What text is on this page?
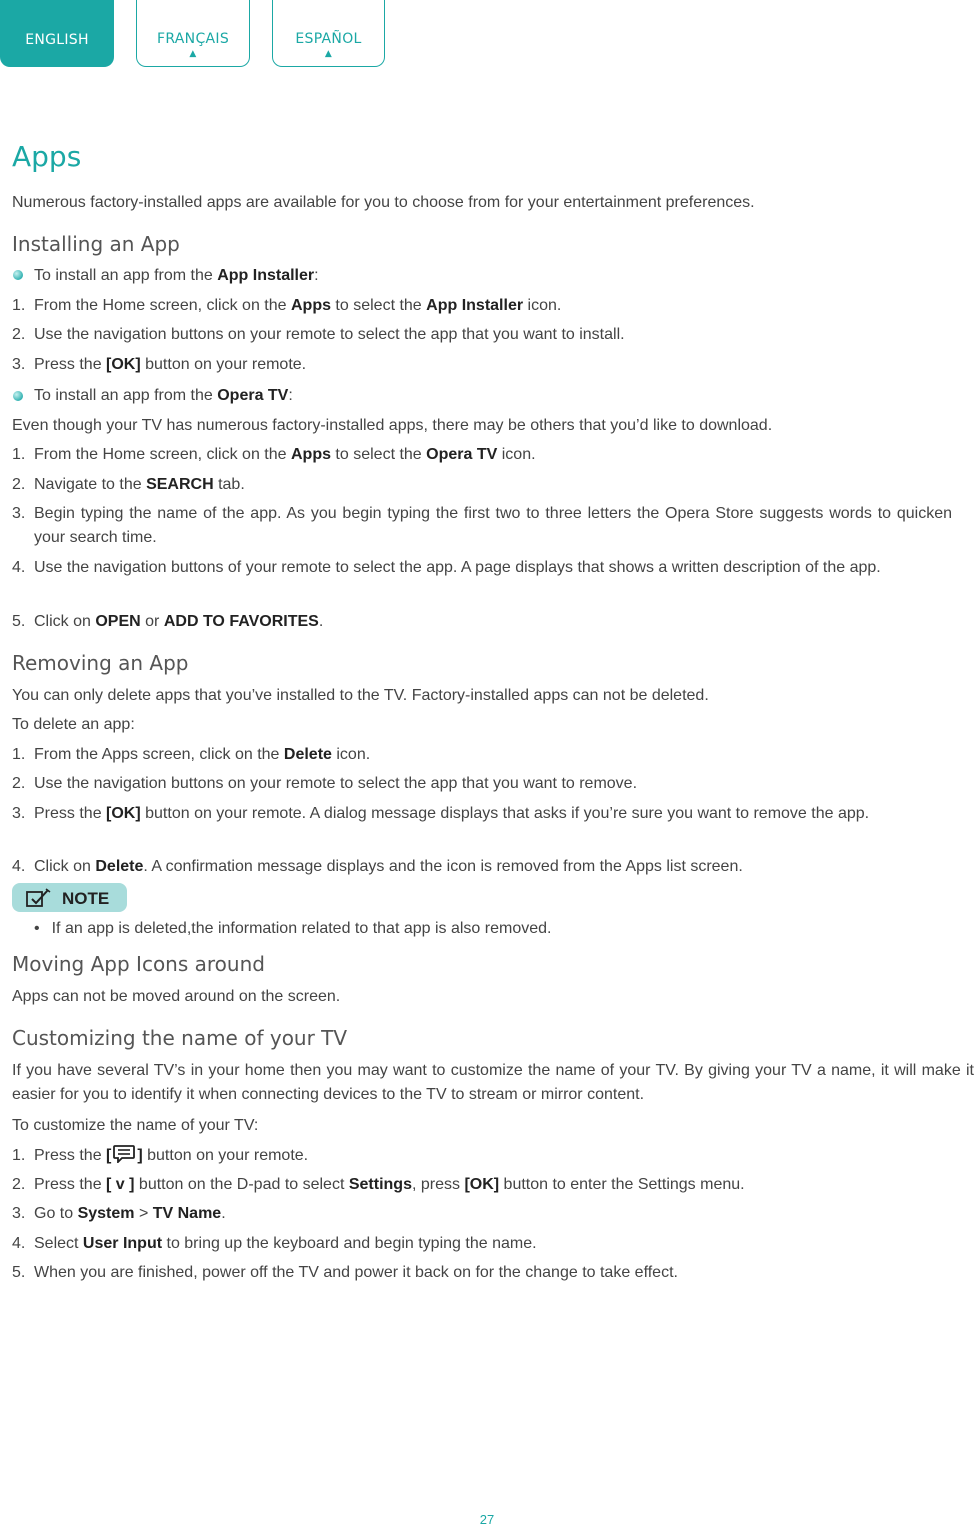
ENGLISH	FRANÇAIS
▲
ESPAÑOL
▲
Apps
Numerous factory-installed apps are available for you to choose from for your entertainment preferences.
Installing an App
To install an app from the App Installer:
1. From the Home screen, click on the Apps to select the App Installer icon.
2. Use the navigation buttons on your remote to select the app that you want to install.
3. Press the [OK] button on your remote.
To install an app from the Opera TV:
Even though your TV has numerous factory-installed apps, there may be others that you’d like to download.
1. From the Home screen, click on the Apps to select the Opera TV icon.
2. Navigate to the SEARCH tab.
3. Begin typing the name of the app. As you begin typing the first two to three letters the Opera Store suggests words to quicken your search time.
4. Use the navigation buttons of your remote to select the app. A page displays that shows a written description of the app.
5. Click on OPEN or ADD TO FAVORITES.
Removing an App
You can only delete apps that you’ve installed to the TV. Factory-installed apps can not be deleted.
To delete an app:
1. From the Apps screen, click on the Delete icon.
2. Use the navigation buttons on your remote to select the app that you want to remove.
3. Press the [OK] button on your remote. A dialog message displays that asks if you’re sure you want to remove the app.
4. Click on Delete. A confirmation message displays and the icon is removed from the Apps list screen.
NOTE
• If an app is deleted,the information related to that app is also removed.
Moving App Icons around
Apps can not be moved around on the screen.
Customizing the name of your TV
If you have several TV’s in your home then you may want to customize the name of your TV. By giving your TV a name, it will make it easier for you to identify it when connecting devices to the TV to stream or mirror content.
To customize the name of your TV:
1. Press the [ ] button on your remote.
2. Press the [ v ] button on the D-pad to select Settings, press [OK] button to enter the Settings menu.
3. Go to System > TV Name.
4. Select User Input to bring up the keyboard and begin typing the name.
5. When you are finished, power off the TV and power it back on for the change to take effect.
27
